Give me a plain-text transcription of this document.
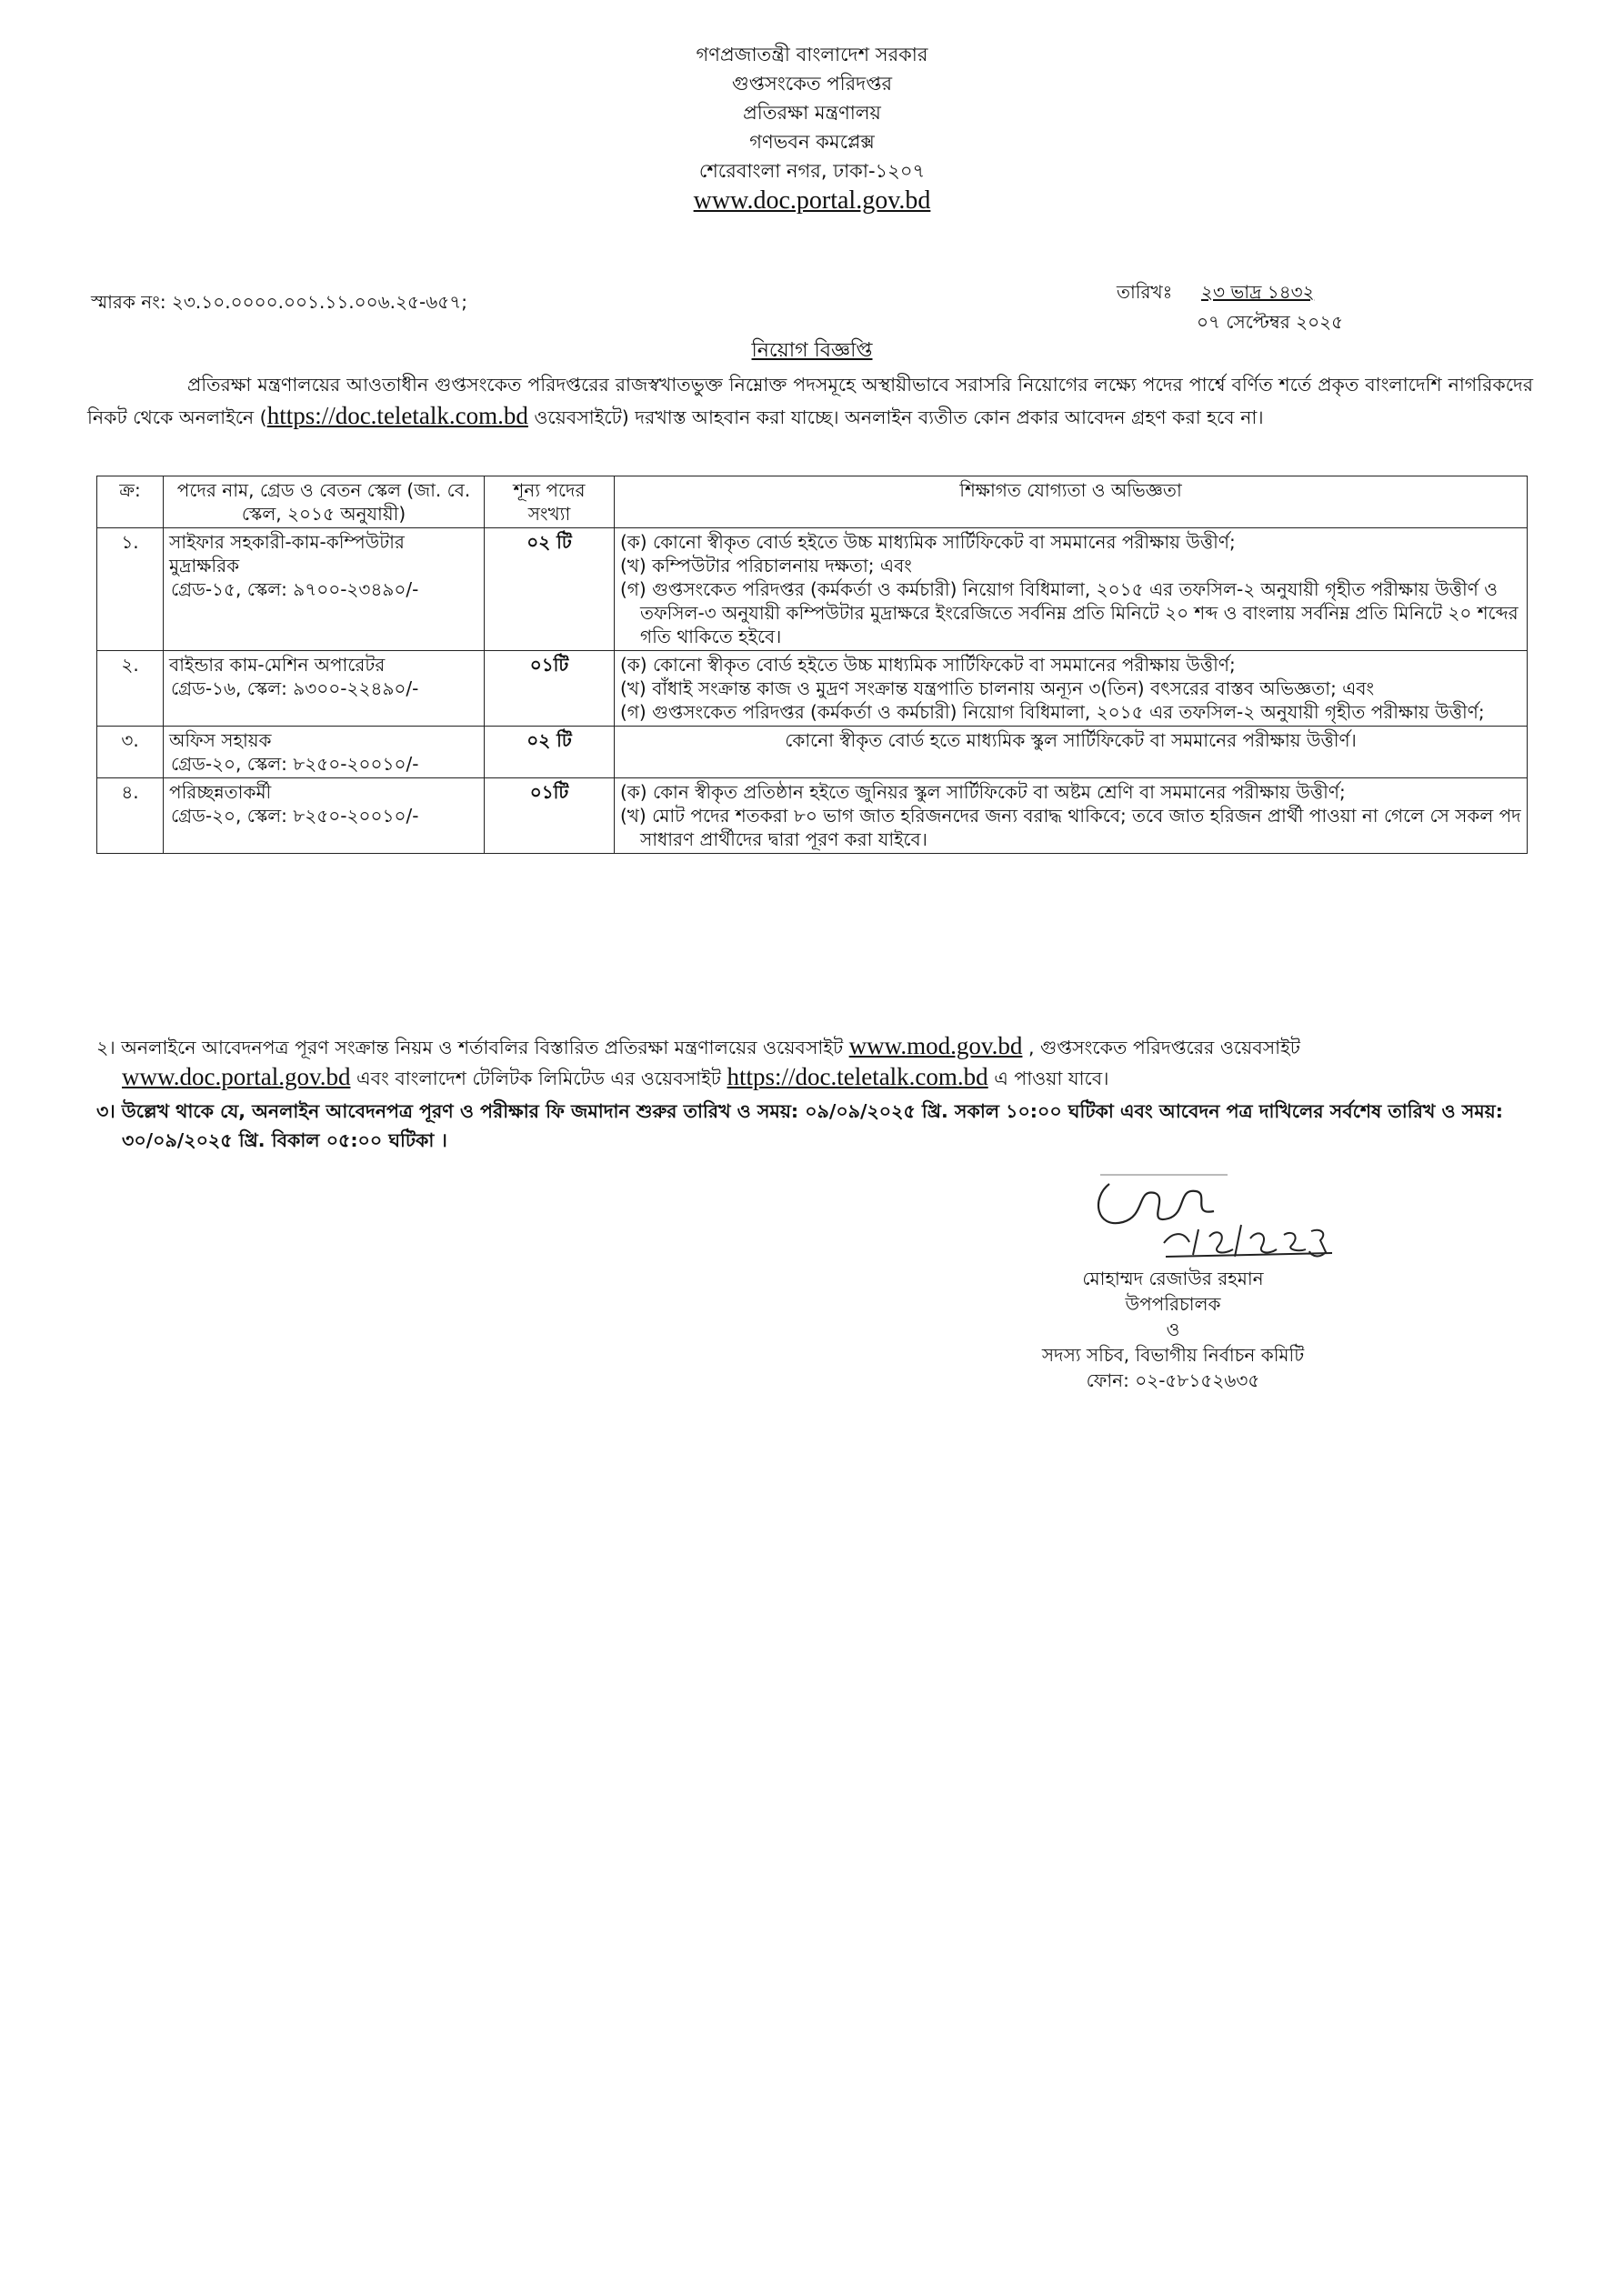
গণপ্রজাতন্ত্রী বাংলাদেশ সরকার
গুপ্তসংকেত পরিদপ্তর
প্রতিরক্ষা মন্ত্রণালয়
গণভবন কমপ্লেক্স
শেরেবাংলা নগর, ঢাকা-১২০৭
www.doc.portal.gov.bd
স্মারক নং: ২৩.১০.০০০০.০০১.১১.০০৬.২৫-৬৫৭;	তারিখঃ ২৩ ভাদ্র ১৪৩২
০৭ সেপ্টেম্বর ২০২৫
নিয়োগ বিজ্ঞপ্তি
প্রতিরক্ষা মন্ত্রণালয়ের আওতাধীন গুপ্তসংকেত পরিদপ্তরের রাজস্বখাতভুক্ত নিম্নোক্ত পদসমূহে অস্থায়ীভাবে সরাসরি নিয়োগের লক্ষ্যে পদের পার্শ্বে বর্ণিত শর্তে প্রকৃত বাংলাদেশি নাগরিকদের নিকট থেকে অনলাইনে (https://doc.teletalk.com.bd ওয়েবসাইটে) দরখাস্ত আহবান করা যাচ্ছে। অনলাইন ব্যতীত কোন প্রকার আবেদন গ্রহণ করা হবে না।
ক্র:	পদের নাম, গ্রেড ও বেতন স্কেল (জা. বে. স্কেল, ২০১৫ অনুযায়ী)	শূন্য পদের সংখ্যা	শিক্ষাগত যোগ্যতা ও অভিজ্ঞতা
১.	সাইফার সহকারী-কাম-কম্পিউটার মুদ্রাক্ষরিক
গ্রেড-১৫, স্কেল: ৯৭০০-২৩৪৯০/-	০২ টি	(ক) কোনো স্বীকৃত বোর্ড হইতে উচ্চ মাধ্যমিক সার্টিফিকেট বা সমমানের পরীক্ষায় উত্তীর্ণ;
(খ) কম্পিউটার পরিচালনায় দক্ষতা; এবং
(গ) গুপ্তসংকেত পরিদপ্তর (কর্মকর্তা ও কর্মচারী) নিয়োগ বিধিমালা, ২০১৫ এর তফসিল-২ অনুযায়ী গৃহীত পরীক্ষায় উত্তীর্ণ ও তফসিল-৩ অনুযায়ী কম্পিউটার মুদ্রাক্ষরে ইংরেজিতে সর্বনিম্ন প্রতি মিনিটে ২০ শব্দ ও বাংলায় সর্বনিম্ন প্রতি মিনিটে ২০ শব্দের গতি থাকিতে হইবে।

২.	বাইন্ডার কাম-মেশিন অপারেটর
গ্রেড-১৬, স্কেল: ৯৩০০-২২৪৯০/-	০১টি	(ক) কোনো স্বীকৃত বোর্ড হইতে উচ্চ মাধ্যমিক সার্টিফিকেট বা সমমানের পরীক্ষায় উত্তীর্ণ;
(খ) বাঁধাই সংক্রান্ত কাজ ও মুদ্রণ সংক্রান্ত যন্ত্রপাতি চালনায় অন্যূন ৩(তিন) বৎসরের বাস্তব অভিজ্ঞতা; এবং
(গ) গুপ্তসংকেত পরিদপ্তর (কর্মকর্তা ও কর্মচারী) নিয়োগ বিধিমালা, ২০১৫ এর তফসিল-২ অনুযায়ী গৃহীত পরীক্ষায় উত্তীর্ণ;

৩.	অফিস সহায়ক
গ্রেড-২০, স্কেল: ৮২৫০-২০০১০/-	০২ টি	কোনো স্বীকৃত বোর্ড হতে মাধ্যমিক স্কুল সার্টিফিকেট বা সমমানের পরীক্ষায় উত্তীর্ণ।

৪.	পরিচ্ছন্নতাকর্মী
গ্রেড-২০, স্কেল: ৮২৫০-২০০১০/-	০১টি	(ক) কোন স্বীকৃত প্রতিষ্ঠান হইতে জুনিয়র স্কুল সার্টিফিকেট বা অষ্টম শ্রেণি বা সমমানের পরীক্ষায় উত্তীর্ণ;
(খ) মোট পদের শতকরা ৮০ ভাগ জাত হরিজনদের জন্য বরাদ্ধ থাকিবে; তবে জাত হরিজন প্রার্থী পাওয়া না গেলে সে সকল পদ সাধারণ প্রার্থীদের দ্বারা পূরণ করা যাইবে।
২। অনলাইনে আবেদনপত্র পূরণ সংক্রান্ত নিয়ম ও শর্তাবলির বিস্তারিত প্রতিরক্ষা মন্ত্রণালয়ের ওয়েবসাইট www.mod.gov.bd , গুপ্তসংকেত পরিদপ্তরের ওয়েবসাইট www.doc.portal.gov.bd এবং বাংলাদেশ টেলিটক লিমিটেড এর ওয়েবসাইট https://doc.teletalk.com.bd এ পাওয়া যাবে।
৩। উল্লেখ থাকে যে, অনলাইন আবেদনপত্র পূরণ ও পরীক্ষার ফি জমাদান শুরুর তারিখ ও সময়: ০৯/০৯/২০২৫ খ্রি. সকাল ১০:০০ ঘটিকা এবং আবেদন পত্র দাখিলের সর্বশেষ তারিখ ও সময়: ৩০/০৯/২০২৫ খ্রি. বিকাল ০৫:০০ ঘটিকা ।
মোহাম্মদ রেজাউর রহমান
উপপরিচালক
ও
সদস্য সচিব, বিভাগীয় নির্বাচন কমিটি
ফোন: ০২-৫৮১৫২৬৩৫
